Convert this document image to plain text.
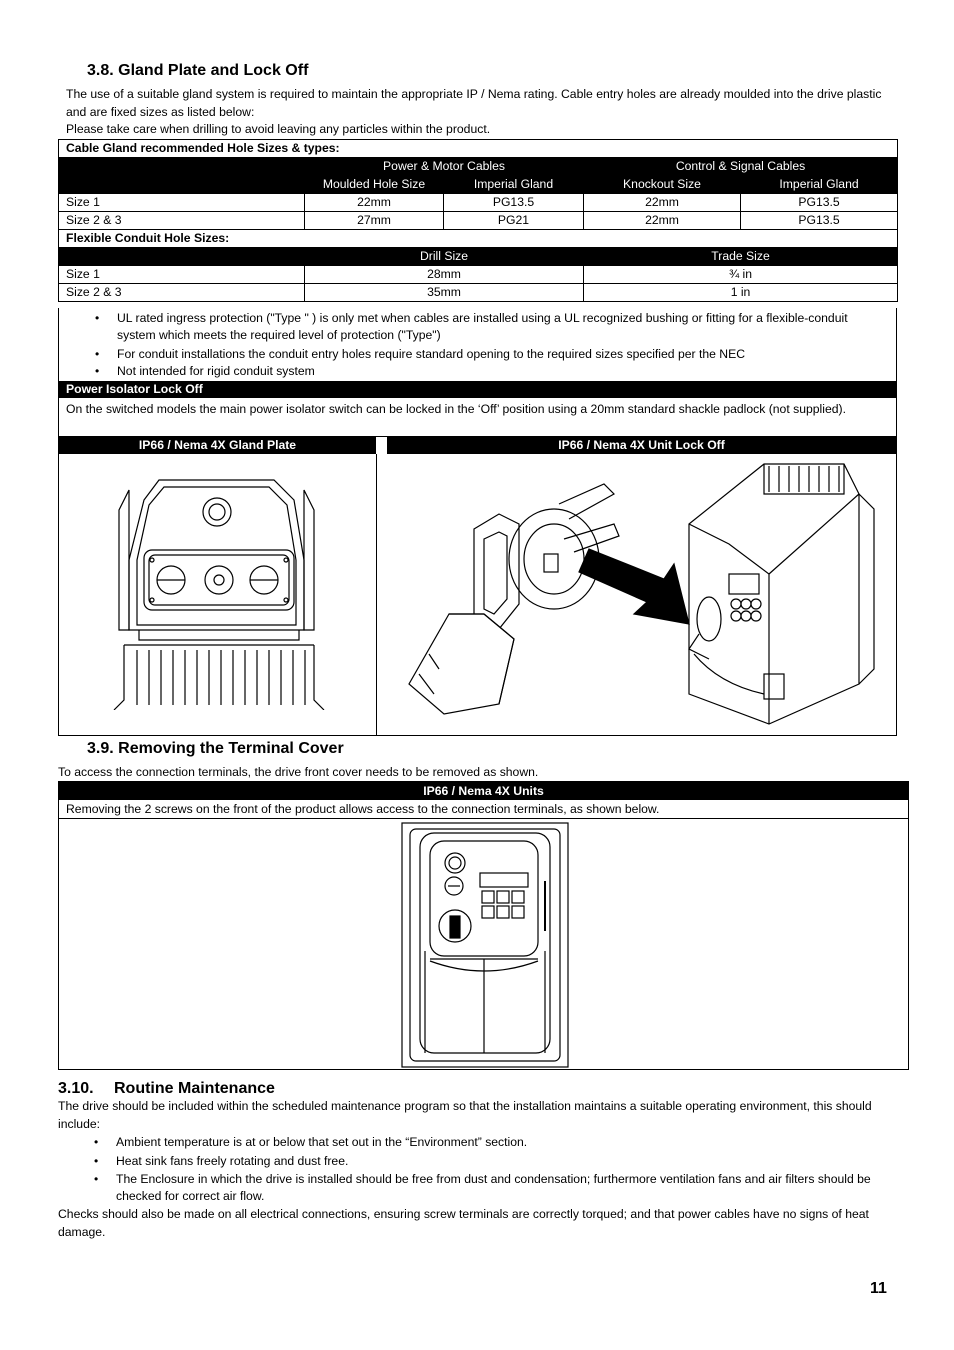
3.8. Gland Plate and Lock Off

The use of a suitable gland system is required to maintain the appropriate IP / Nema rating. Cable entry holes are already moulded into the drive plastic and are fixed sizes as listed below:

Please take care when drilling to avoid leaving any particles within the product.

Cable Gland recommended Hole Sizes & types:				
	Power & Motor Cables		Control & Signal Cables	
	Moulded Hole Size	Imperial Gland	Knockout Size	Imperial Gland
Size 1	22mm	PG13.5	22mm	PG13.5
Size 2 & 3	27mm	PG21	22mm	PG13.5
Flexible Conduit Hole Sizes:				
	Drill Size		Trade Size	
Size 1	28mm		¾ in	
Size 2 & 3	35mm		1 in	
• UL rated ingress protection ("Type " ) is only met when cables are installed using a UL recognized bushing or fitting for a flexible-conduit system which meets the required level of protection ("Type")
• For conduit installations the conduit entry holes require standard opening to the required sizes specified per the NEC
• Not intended for rigid conduit system
Power Isolator Lock Off

On the switched models the main power isolator switch can be locked in the ‘Off’ position using a 20mm standard shackle padlock (not supplied).

IP66 / Nema 4X Gland Plate	IP66 / Nema 4X Unit Lock Off
3.9. Removing the Terminal Cover

To access the connection terminals, the drive front cover needs to be removed as shown.

IP66 / Nema 4X Units
Removing the 2 screws on the front of the product allows access to the connection terminals, as shown below.
3.10. Routine Maintenance

The drive should be included within the scheduled maintenance program so that the installation maintains a suitable operating environment, this should include:

• Ambient temperature is at or below that set out in the “Environment” section.
• Heat sink fans freely rotating and dust free.
• The Enclosure in which the drive is installed should be free from dust and condensation; furthermore ventilation fans and air filters should be checked for correct air flow.

Checks should also be made on all electrical connections, ensuring screw terminals are correctly torqued; and that power cables have no signs of heat damage.

11
